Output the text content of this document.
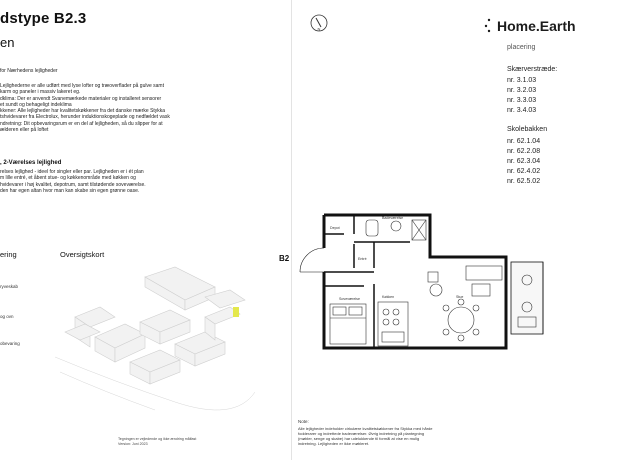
dstype B2.3
en
for Nærhedens lejligheder
Lejlighederne er alle udført med lyse lofter og træoverflader på gulve samt
karm og paneler i massiv lakeret eg.
dklima: Der er anvendt Svanemærkede materialer og installeret sensorer
et sundt og behageligt indeklima
kkener: Alle lejligheder har kvalitetskøkkener fra det danske mærke Stykka
tshvidevarer fra Electrolux, herunder induktionskogeplade og nedfældet vask
ndretning: Dit opbevaringsrum er en del af lejligheden, så du slipper for at
ælderen eller på loftet
, 2-Værelses lejlighed
relses lejlighed - ideel for singler eller par. Lejligheden er i ét plan
m lille entré, et åbent stue- og køkkenområde med køkken og
hvidevarer i høj kvalitet, depotrum, samt tilstødende soveværelse.
den har egen altan hvor man kan skabe sin egen grønne oase.
ering	Oversigtskort
ryveskab
og ovn
obevaring
Tegningen er vejledende og ikke ændring målfast
Version: Juni 2023
N	Home.Earth
placering
Skærverstræde:
nr. 3.1.03
nr. 3.2.03
nr. 3.3.03
nr. 3.4.03
Skolebakken
nr. 62.1.04
nr. 62.2.08
nr. 62.3.04
nr. 62.4.02
nr. 62.5.02
B2
Depot
Badeværelse
Entré
Soveværelse	Køkken	Stue
Note:
Alle lejligheder indeholder cirkulære kvalitetskøkkener fra Stykka med hårde
fodderarer og indrettede badeværelser. Øvrig indretning på plantegning
(møbler, senge og skabe) har udelukkende til formål at vise en mulig
indretning. Lejligheden er ikke møbleret.
